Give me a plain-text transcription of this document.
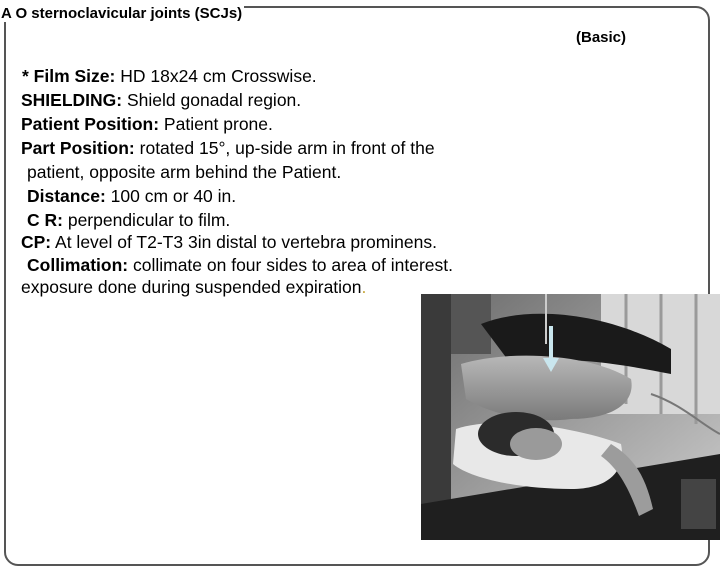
A O sternoclavicular joints (SCJs)
(Basic)
* Film Size: HD 18x24 cm Crosswise.
SHIELDING: Shield gonadal region.
Patient Position: Patient prone.
Part Position: rotated 15°, up-side arm in front of the
patient, opposite arm behind the Patient.
Distance: 100 cm or 40 in.
C R: perpendicular to film.
CP: At level of T2-T3 3in distal to vertebra prominens.
Collimation: collimate on four sides to area of interest.
exposure done during suspended expiration.
